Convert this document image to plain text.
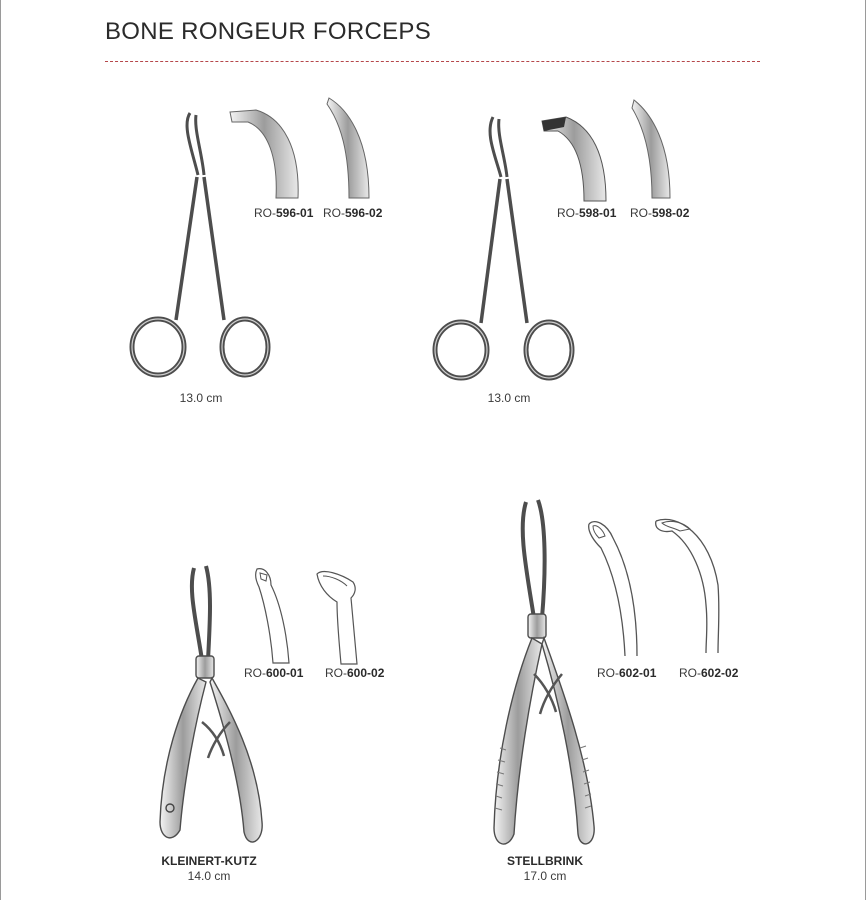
BONE RONGEUR FORCEPS
RO-596-01 RO-596-02
13.0 cm
RO-598-01 RO-598-02
13.0 cm
RO-600-01 RO-600-02
KLEINERT-KUTZ
14.0 cm
RO-602-01 RO-602-02
STELLBRINK
17.0 cm
